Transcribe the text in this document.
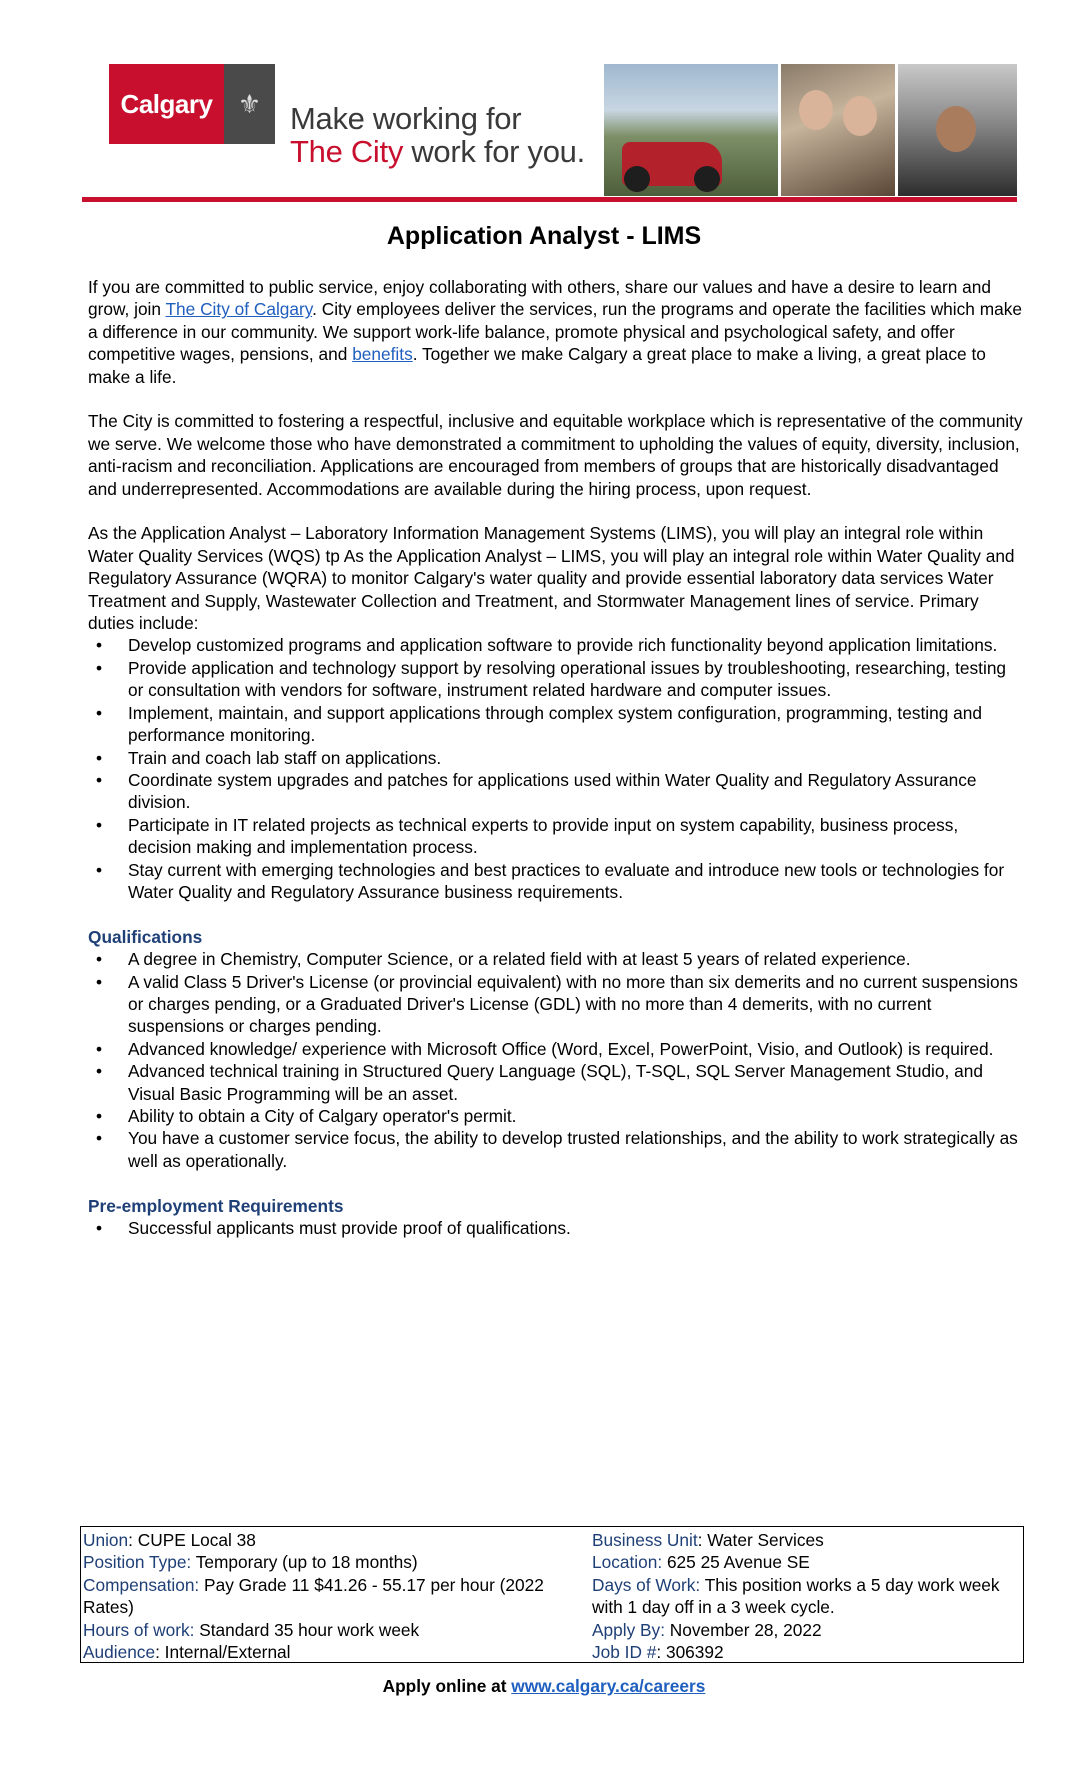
Calgary ⚜ Make working for
The City work for you.
Application Analyst - LIMS

If you are committed to public service, enjoy collaborating with others, share our values and have a desire to learn and grow, join The City of Calgary. City employees deliver the services, run the programs and operate the facilities which make a difference in our community. We support work-life balance, promote physical and psychological safety, and offer competitive wages, pensions, and benefits. Together we make Calgary a great place to make a living, a great place to make a life.

The City is committed to fostering a respectful, inclusive and equitable workplace which is representative of the community we serve. We welcome those who have demonstrated a commitment to upholding the values of equity, diversity, inclusion, anti-racism and reconciliation. Applications are encouraged from members of groups that are historically disadvantaged and underrepresented. Accommodations are available during the hiring process, upon request.

As the Application Analyst – Laboratory Information Management Systems (LIMS), you will play an integral role within Water Quality Services (WQS) tp As the Application Analyst – LIMS, you will play an integral role within Water Quality and Regulatory Assurance (WQRA) to monitor Calgary's water quality and provide essential laboratory data services Water Treatment and Supply, Wastewater Collection and Treatment, and Stormwater Management lines of service. Primary duties include:

• Develop customized programs and application software to provide rich functionality beyond application limitations.
• Provide application and technology support by resolving operational issues by troubleshooting, researching, testing or consultation with vendors for software, instrument related hardware and computer issues.
• Implement, maintain, and support applications through complex system configuration, programming, testing and performance monitoring.
• Train and coach lab staff on applications.
• Coordinate system upgrades and patches for applications used within Water Quality and Regulatory Assurance division.
• Participate in IT related projects as technical experts to provide input on system capability, business process, decision making and implementation process.
• Stay current with emerging technologies and best practices to evaluate and introduce new tools or technologies for Water Quality and Regulatory Assurance business requirements.
Qualifications
• A degree in Chemistry, Computer Science, or a related field with at least 5 years of related experience.
• A valid Class 5 Driver's License (or provincial equivalent) with no more than six demerits and no current suspensions or charges pending, or a Graduated Driver's License (GDL) with no more than 4 demerits, with no current suspensions or charges pending.
• Advanced knowledge/ experience with Microsoft Office (Word, Excel, PowerPoint, Visio, and Outlook) is required.
• Advanced technical training in Structured Query Language (SQL), T-SQL, SQL Server Management Studio, and Visual Basic Programming will be an asset.
• Ability to obtain a City of Calgary operator's permit.
• You have a customer service focus, the ability to develop trusted relationships, and the ability to work strategically as well as operationally.
Pre-employment Requirements
• Successful applicants must provide proof of qualifications.
Union: CUPE Local 38
Position Type: Temporary (up to 18 months)
Compensation: Pay Grade 11 $41.26 - 55.17 per hour (2022 Rates)
Hours of work: Standard 35 hour work week
Audience: Internal/External
Business Unit: Water Services
Location: 625 25 Avenue SE
Days of Work: This position works a 5 day work week with 1 day off in a 3 week cycle.
Apply By: November 28, 2022
Job ID #: 306392
Apply online at www.calgary.ca/careers
